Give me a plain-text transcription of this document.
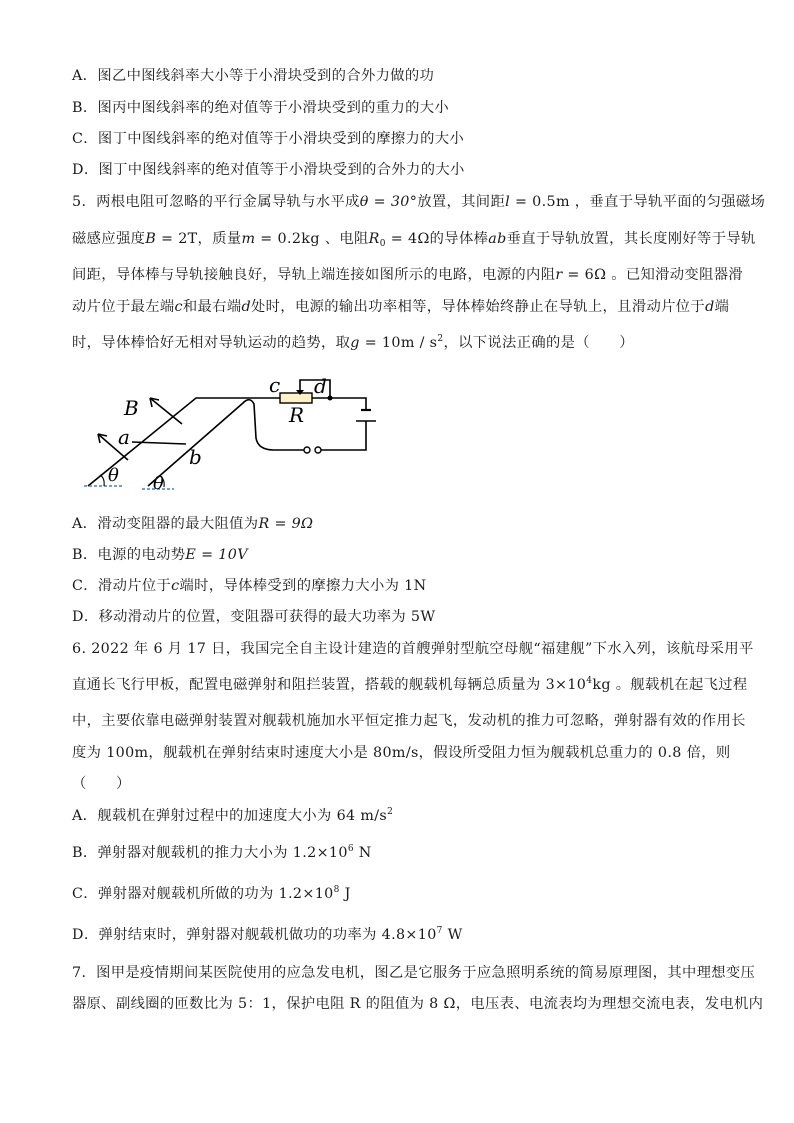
A．图乙中图线斜率大小等于小滑块受到的合外力做的功
B．图丙中图线斜率的绝对值等于小滑块受到的重力的大小
C．图丁中图线斜率的绝对值等于小滑块受到的摩擦力的大小
D．图丁中图线斜率的绝对值等于小滑块受到的合外力的大小
5．两根电阻可忽略的平行金属导轨与水平成θ = 30°放置，其间距l = 0.5m ，垂直于导轨平面的匀强磁场
磁感应强度B = 2T，质量m = 0.2kg 、电阻$R_0 = 4\Omega$的导体棒ab垂直于导轨放置，其长度刚好等于导轨
间距，导体棒与导轨接触良好，导轨上端连接如图所示的电路，电源的内阻r = 6Ω 。已知滑动变阻器滑
动片位于最左端c和最右端d处时，电源的输出功率相等，导体棒始终静止在导轨上，且滑动片位于d端
时，导体棒恰好无相对导轨运动的趋势，取$g = 10m / s^2$，以下说法正确的是（　　）
c d
R
B
a
b
θ θ
A．滑动变阻器的最大阻值为R = 9Ω
B．电源的电动势E = 10V
C．滑动片位于c端时，导体棒受到的摩擦力大小为 1N
D．移动滑动片的位置，变阻器可获得的最大功率为 5W
6. 2022 年 6 月 17 日，我国完全自主设计建造的首艘弹射型航空母舰“福建舰”下水入列，该航母采用平
直通长飞行甲板，配置电磁弹射和阻拦装置，搭载的舰载机每辆总质量为 $3\times 10^4kg$ 。舰载机在起飞过程
中，主要依靠电磁弹射装置对舰载机施加水平恒定推力起飞，发动机的推力可忽略，弹射器有效的作用长
度为 100m，舰载机在弹射结束时速度大小是 80m/s，假设所受阻力恒为舰载机总重力的 0.8 倍，则
（　　）
A．舰载机在弹射过程中的加速度大小为 64 $m/s^2$
B．弹射器对舰载机的推力大小为 $1.2\times 10^6$ N
C．弹射器对舰载机所做的功为 $1.2\times 10^8$ J
D．弹射结束时，弹射器对舰载机做功的功率为 $4.8\times 10^7$ W
7．图甲是疫情期间某医院使用的应急发电机，图乙是它服务于应急照明系统的简易原理图，其中理想变压
器原、副线圈的匝数比为 5：1，保护电阻 R 的阻值为 8 Ω，电压表、电流表均为理想交流电表，发电机内
